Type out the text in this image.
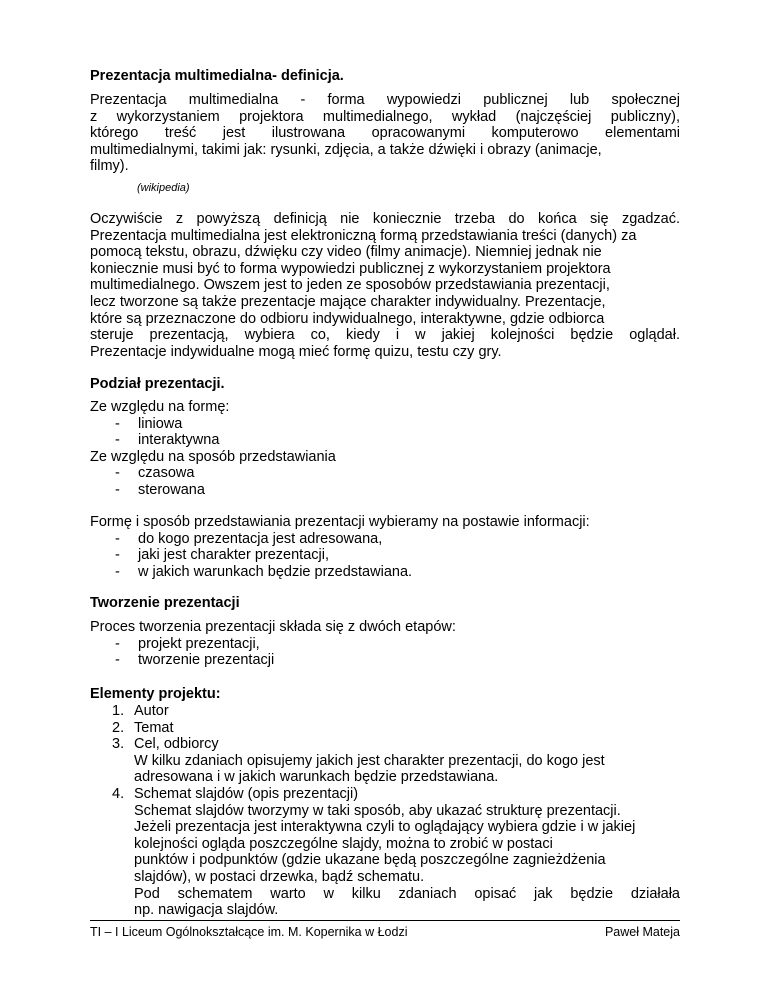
Prezentacja multimedialna- definicja.
Prezentacja multimedialna - forma wypowiedzi publicznej lub społecznej
z wykorzystaniem projektora multimedialnego, wykład (najczęściej publiczny),
którego treść jest ilustrowana opracowanymi komputerowo elementami
multimedialnymi, takimi jak: rysunki, zdjęcia, a także dźwięki i obrazy (animacje,
filmy).
(wikipedia)
Oczywiście z powyższą definicją nie koniecznie trzeba do końca się zgadzać.
Prezentacja multimedialna jest elektroniczną formą przedstawiania treści (danych) za
pomocą tekstu, obrazu, dźwięku czy video (filmy animacje). Niemniej jednak nie
koniecznie musi być to forma wypowiedzi publicznej z wykorzystaniem projektora
multimedialnego. Owszem jest to jeden ze sposobów przedstawiania prezentacji,
lecz tworzone są także prezentacje mające charakter indywidualny. Prezentacje,
które są przeznaczone do odbioru indywidualnego, interaktywne, gdzie odbiorca
steruje prezentacją, wybiera co, kiedy i w jakiej kolejności będzie oglądał.
Prezentacje indywidualne mogą mieć formę quizu, testu czy gry.
Podział prezentacji.
Ze względu na formę:
- liniowa
- interaktywna
Ze względu na sposób przedstawiania
- czasowa
- sterowana
Formę i sposób przedstawiania prezentacji wybieramy na postawie informacji:
- do kogo prezentacja jest adresowana,
- jaki jest charakter prezentacji,
- w jakich warunkach będzie przedstawiana.
Tworzenie prezentacji
Proces tworzenia prezentacji składa się z dwóch etapów:
- projekt prezentacji,
- tworzenie prezentacji
Elementy projektu:
1. Autor
2. Temat
3. Cel, odbiorcy
W kilku zdaniach opisujemy jakich jest charakter prezentacji, do kogo jest
adresowana i w jakich warunkach będzie przedstawiana.
4. Schemat slajdów (opis prezentacji)
Schemat slajdów tworzymy w taki sposób, aby ukazać strukturę prezentacji.
Jeżeli prezentacja jest interaktywna czyli to oglądający wybiera gdzie i w jakiej
kolejności ogląda poszczególne slajdy, można to zrobić w postaci
punktów i podpunktów (gdzie ukazane będą poszczególne zagnieżdżenia
slajdów), w postaci drzewka, bądź schematu.
Pod schematem warto w kilku zdaniach opisać jak będzie działała
np. nawigacja slajdów.
TI – I Liceum Ogólnokształcące im. M. Kopernika w Łodzi	Paweł Mateja
